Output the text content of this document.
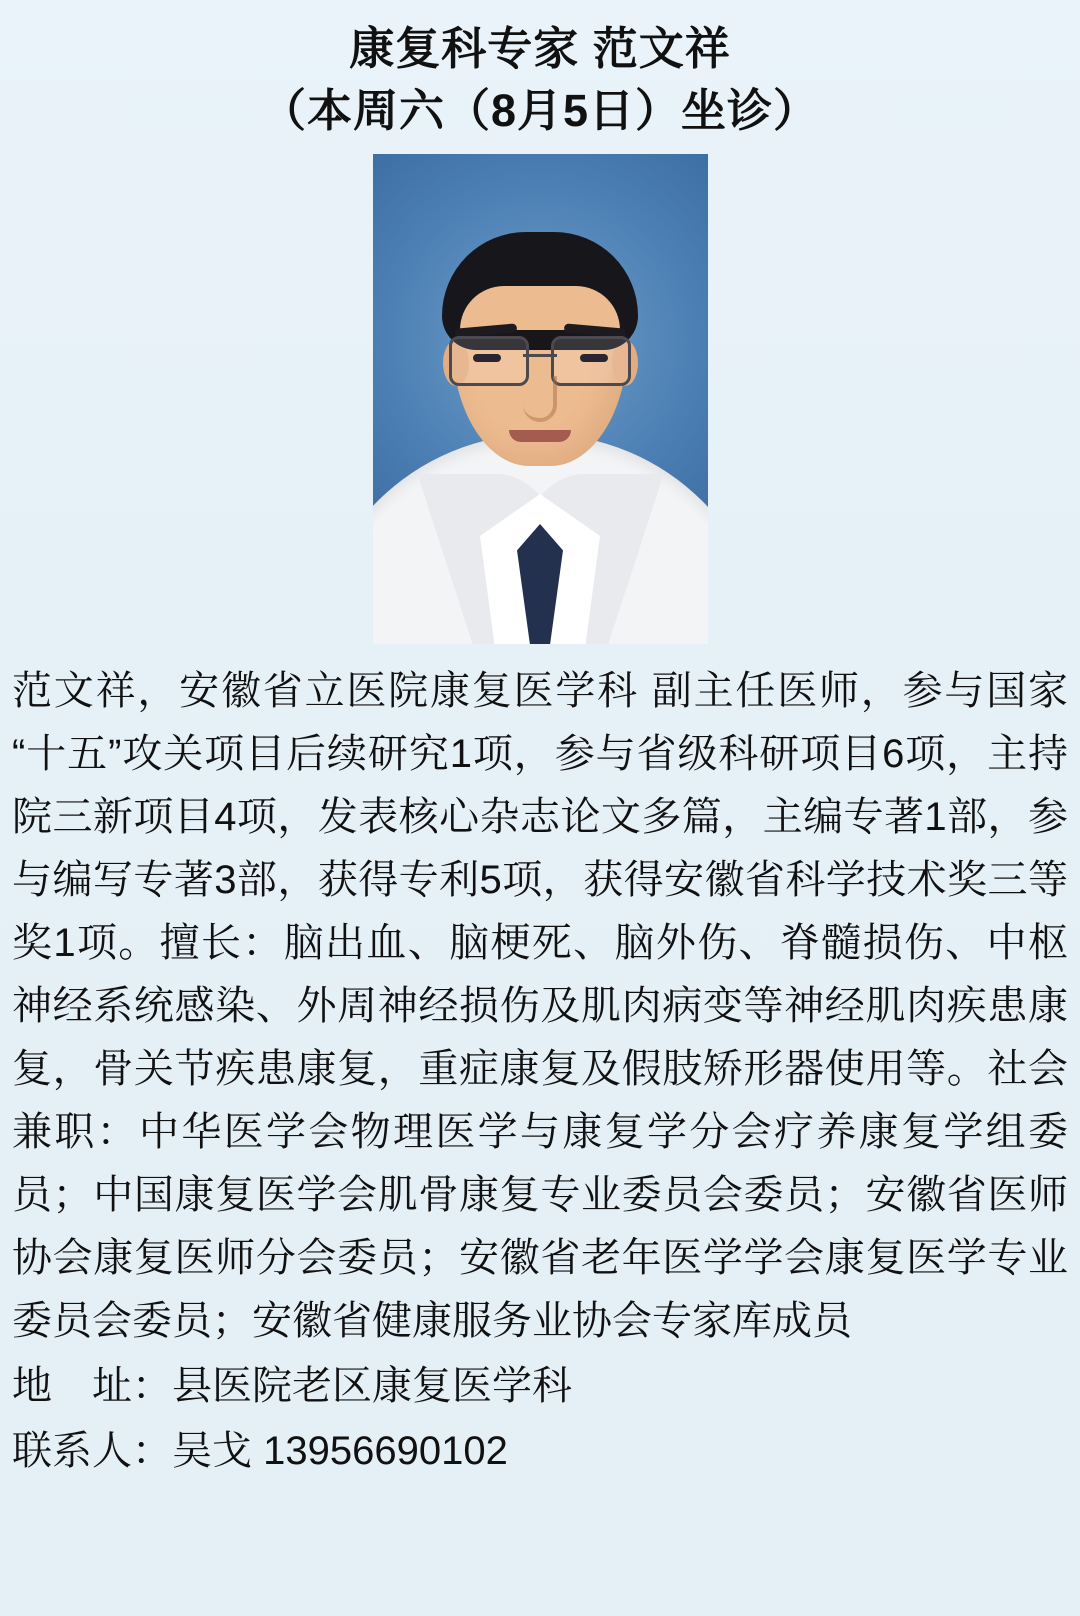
康复科专家 范文祥
（本周六（8月5日）坐诊）
范文祥，安徽省立医院康复医学科 副主任医师，参与国家“十五”攻关项目后续研究1项，参与省级科研项目6项，主持院三新项目4项，发表核心杂志论文多篇，主编专著1部，参与编写专著3部，获得专利5项，获得安徽省科学技术奖三等奖1项。擅长：脑出血、脑梗死、脑外伤、脊髓损伤、中枢神经系统感染、外周神经损伤及肌肉病变等神经肌肉疾患康复，骨关节疾患康复，重症康复及假肢矫形器使用等。社会兼职：中华医学会物理医学与康复学分会疗养康复学组委员；中国康复医学会肌骨康复专业委员会委员；安徽省医师协会康复医师分会委员；安徽省老年医学学会康复医学专业委员会委员；安徽省健康服务业协会专家库成员
地　址：县医院老区康复医学科
联系人：吴戈 13956690102
